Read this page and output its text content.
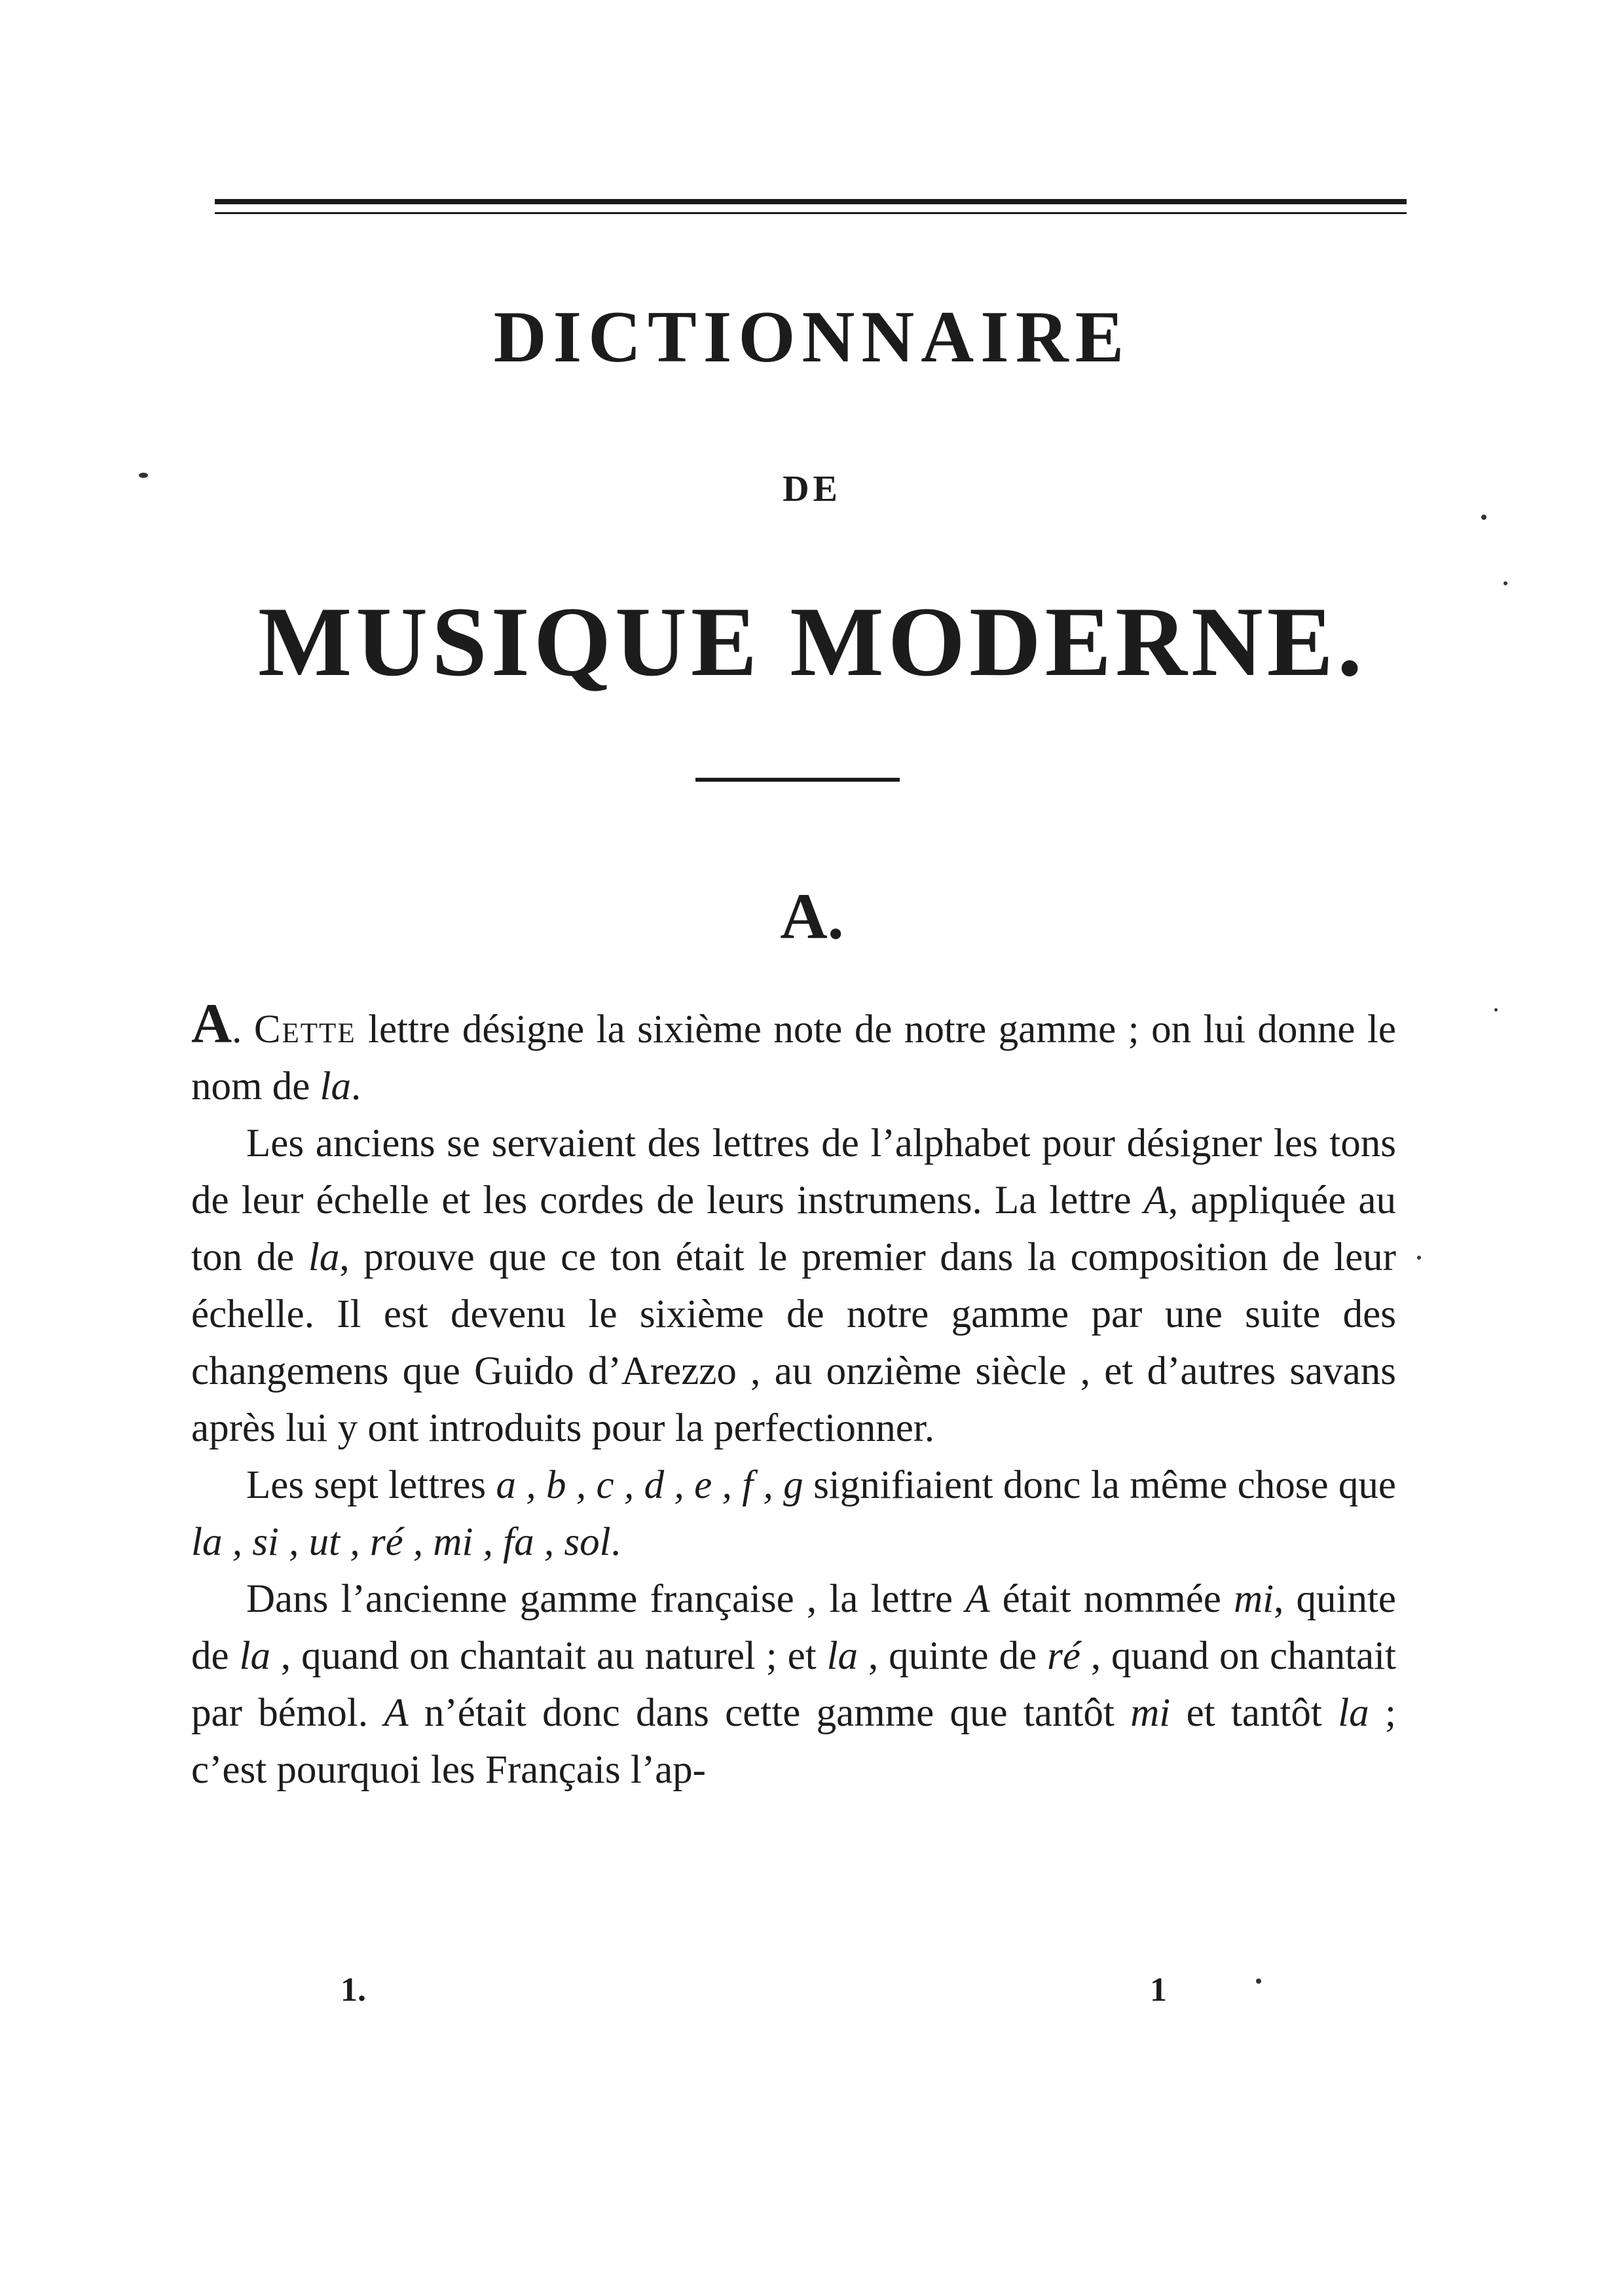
DICTIONNAIRE
DE
MUSIQUE MODERNE.
A.

A. Cette lettre désigne la sixième note de notre gamme ; on lui donne le nom de la.

Les anciens se servaient des lettres de l’alphabet pour désigner les tons de leur échelle et les cordes de leurs instrumens. La lettre A, appliquée au ton de la, prouve que ce ton était le premier dans la composition de leur échelle. Il est devenu le sixième de notre gamme par une suite des changemens que Guido d’Arezzo , au onzième siècle , et d’autres savans après lui y ont introduits pour la perfectionner.

Les sept lettres a , b , c , d , e , f , g signifiaient donc la même chose que la , si , ut , ré , mi , fa , sol.

Dans l’ancienne gamme française , la lettre A était nommée mi, quinte de la , quand on chantait au naturel ; et la , quinte de ré , quand on chantait par bémol. A n’était donc dans cette gamme que tantôt mi et tantôt la ; c’est pourquoi les Français l’ap-

1.	1
